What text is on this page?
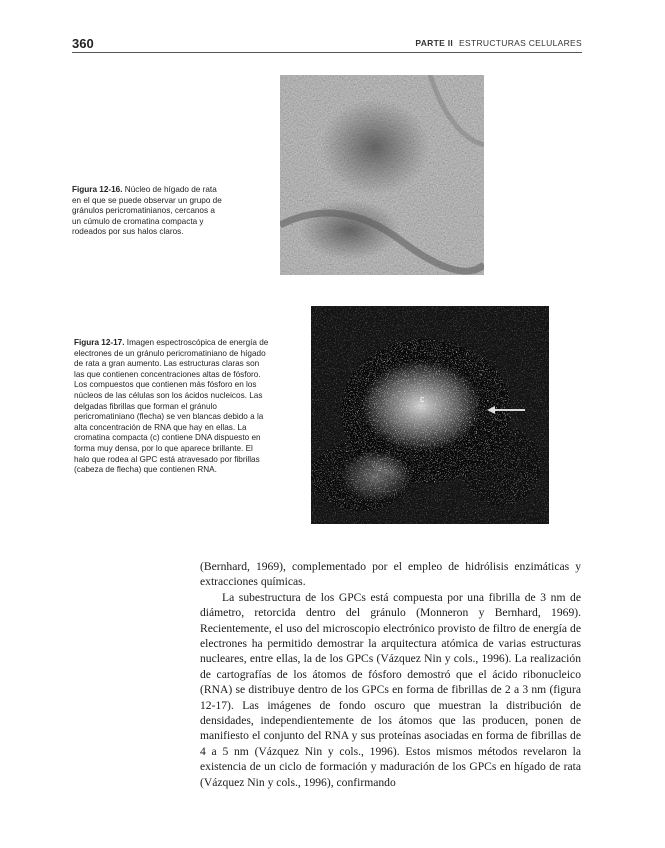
360	PARTE II ESTRUCTURAS CELULARES
Figura 12-16. Núcleo de hígado de rata en el que se puede observar un grupo de gránulos pericromatinianos, cercanos a un cúmulo de cromatina compacta y rodeados por sus halos claros.
c
Figura 12-17. Imagen espectroscópica de energía de electrones de un gránulo pericromatiniano de hígado de rata a gran aumento. Las estructuras claras son las que contienen concentraciones altas de fósforo. Los compuestos que contienen más fósforo en los núcleos de las células son los ácidos nucleicos. Las delgadas fibrillas que forman el gránulo pericromatiniano (flecha) se ven blancas debido a la alta concentración de RNA que hay en ellas. La cromatina compacta (c) contiene DNA dispuesto en forma muy densa, por lo que aparece brillante. El halo que rodea al GPC está atravesado por fibrillas (cabeza de flecha) que contienen RNA.

(Bernhard, 1969), complementado por el empleo de hidrólisis enzimáticas y extracciones químicas.

La subestructura de los GPCs está compuesta por una fibrilla de 3 nm de diámetro, retorcida dentro del gránulo (Monneron y Bernhard, 1969). Recientemente, el uso del microscopio electrónico provisto de filtro de energía de electrones ha permitido demostrar la arquitectura atómica de varias estructuras nucleares, entre ellas, la de los GPCs (Vázquez Nin y cols., 1996). La realización de cartografías de los átomos de fósforo demostró que el ácido ribonucleico (RNA) se distribuye dentro de los GPCs en forma de fibrillas de 2 a 3 nm (figura 12-17). Las imágenes de fondo oscuro que muestran la distribución de densidades, independientemente de los átomos que las producen, ponen de manifiesto el conjunto del RNA y sus proteínas asociadas en forma de fibrillas de 4 a 5 nm (Vázquez Nin y cols., 1996). Estos mismos métodos revelaron la existencia de un ciclo de formación y maduración de los GPCs en hígado de rata (Vázquez Nin y cols., 1996), confirmando
